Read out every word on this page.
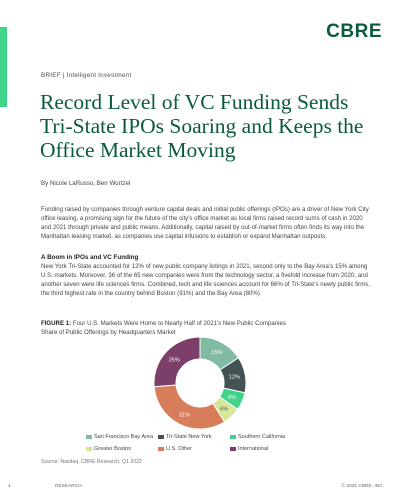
CBRE
BRIEF | Intelligent Investment
Record Level of VC Funding Sends Tri-State IPOs Soaring and Keeps the Office Market Moving
By Nicole LaRusso, Ben Wurtzel

Funding raised by companies through venture capital deals and initial public offerings (IPOs) are a driver of New York City office leasing, a promising sign for the future of the city's office market as local firms raised record sums of cash in 2020 and 2021 through private and public means. Additionally, capital raised by out-of-market firms often finds its way into the Manhattan leasing market, as companies use capital infusions to establish or expand Manhattan outposts.

A Boom in IPOs and VC Funding

New York Tri-State accounted for 12% of new public company listings in 2021, second only to the Bay Area's 15% among U.S. markets. Moreover, 36 of the 65 new companies were from the technology sector, a fivefold increase from 2020, and another seven were life sciences firms. Combined, tech and life sciences account for 66% of Tri-State's newly public firms, the third highest rate in the country behind Boston (91%) and the Bay Area (80%).

FIGURE 1: Four U.S. Markets Were Home to Nearly Half of 2021's New Public Companies
Share of Public Offerings by Headquarters Market
15%
12%
6%
6%
31%
25%
San Francisco Bay Area	Tri-State New York	Southern California
Greater Boston	U.S. Other	International
Source: Nasdaq, CBRE Research, Q1 2022
1	RESEARCH	© 2021 CBRE, INC.
